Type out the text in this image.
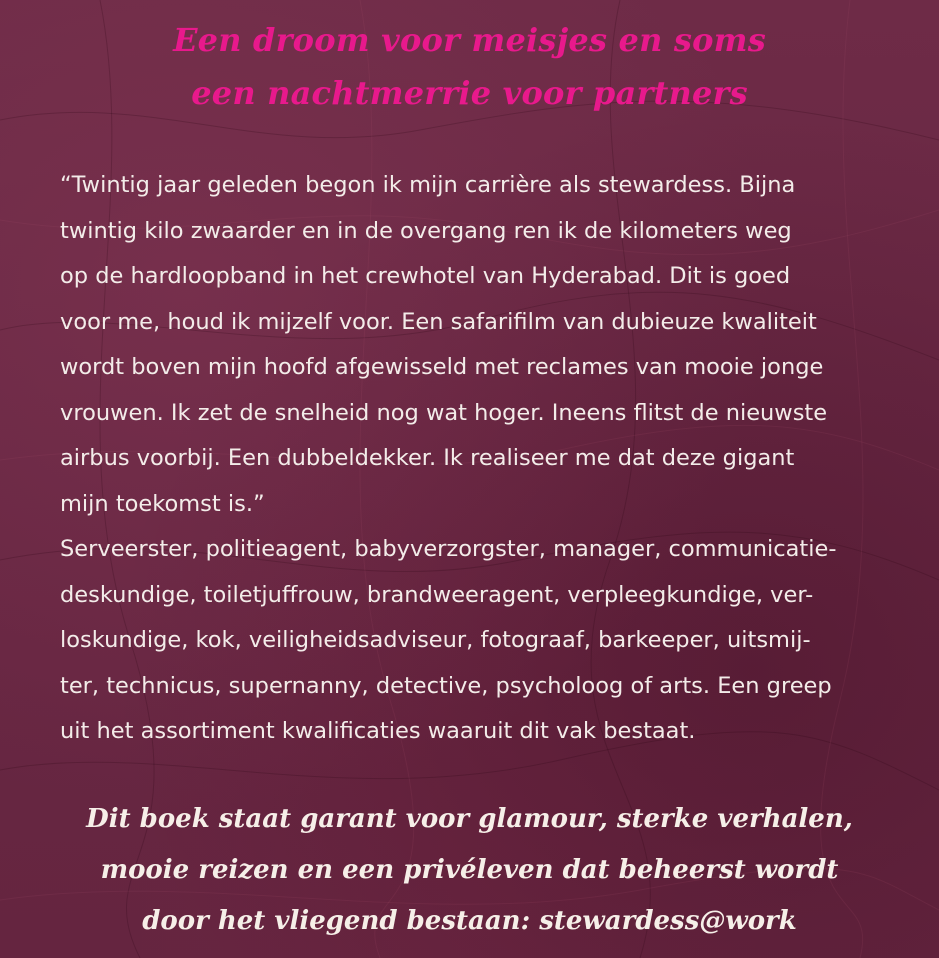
Een droom voor meisjes en soms
een nachtmerrie voor partners
“Twintig jaar geleden begon ik mijn carrière als stewardess. Bijna
twintig kilo zwaarder en in de overgang ren ik de kilometers weg
op de hardloopband in het crewhotel van Hyderabad. Dit is goed
voor me, houd ik mijzelf voor. Een safarifilm van dubieuze kwaliteit
wordt boven mijn hoofd afgewisseld met reclames van mooie jonge
vrouwen. Ik zet de snelheid nog wat hoger. Ineens flitst de nieuwste
airbus voorbij. Een dubbeldekker. Ik realiseer me dat deze gigant
mijn toekomst is.”
Serveerster, politieagent, babyverzorgster, manager, communicatie-
deskundige, toiletjuffrouw, brandweeragent, verpleegkundige, ver-
loskundige, kok, veiligheidsadviseur, fotograaf, barkeeper, uitsmij-
ter, technicus, supernanny, detective, psycholoog of arts. Een greep
uit het assortiment kwalificaties waaruit dit vak bestaat.
Dit boek staat garant voor glamour, sterke verhalen,
mooie reizen en een privéleven dat beheerst wordt
door het vliegend bestaan: stewardess@work
